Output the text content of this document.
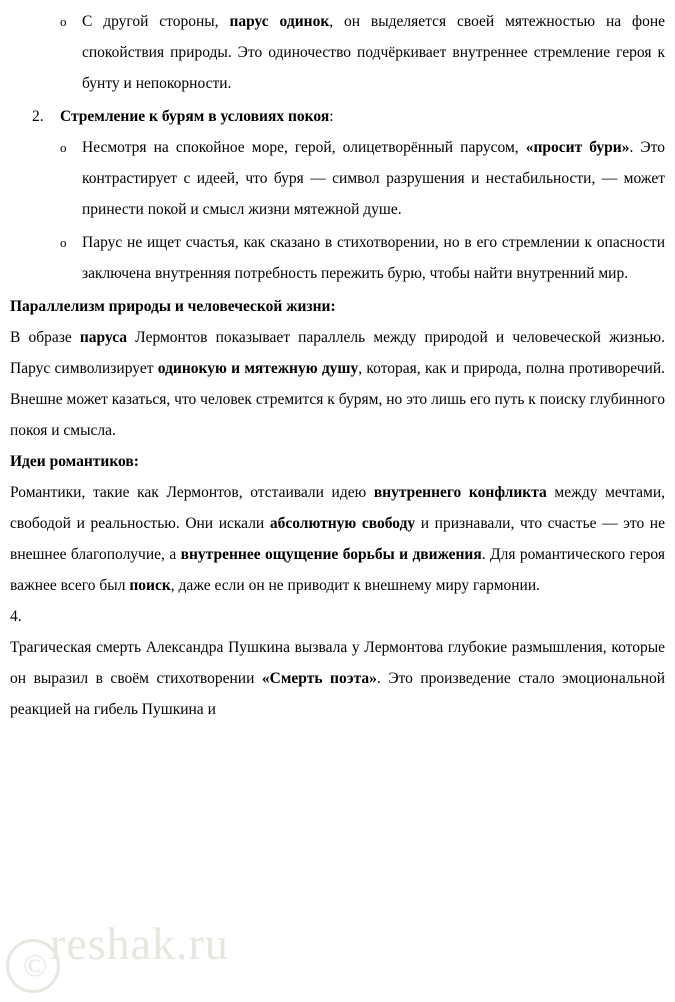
© reshak.ru
o С другой стороны, парус одинок, он выделяется своей мятежностью на фоне спокойствия природы. Это одиночество подчёркивает внутреннее стремление героя к бунту и непокорности.
2. Стремление к бурям в условиях покоя:
o Несмотря на спокойное море, герой, олицетворённый парусом, «просит бури». Это контрастирует с идеей, что буря — символ разрушения и нестабильности, — может принести покой и смысл жизни мятежной душе.
o Парус не ищет счастья, как сказано в стихотворении, но в его стремлении к опасности заключена внутренняя потребность пережить бурю, чтобы найти внутренний мир.
Параллелизм природы и человеческой жизни:
В образе паруса Лермонтов показывает параллель между природой и человеческой жизнью. Парус символизирует одинокую и мятежную душу, которая, как и природа, полна противоречий. Внешне может казаться, что человек стремится к бурям, но это лишь его путь к поиску глубинного покоя и смысла.
Идеи романтиков:
Романтики, такие как Лермонтов, отстаивали идею внутреннего конфликта между мечтами, свободой и реальностью. Они искали абсолютную свободу и признавали, что счастье — это не внешнее благополучие, а внутреннее ощущение борьбы и движения. Для романтического героя важнее всего был поиск, даже если он не приводит к внешнему миру гармонии.
4.
Трагическая смерть Александра Пушкина вызвала у Лермонтова глубокие размышления, которые он выразил в своём стихотворении «Смерть поэта». Это произведение стало эмоциональной реакцией на гибель Пушкина и
